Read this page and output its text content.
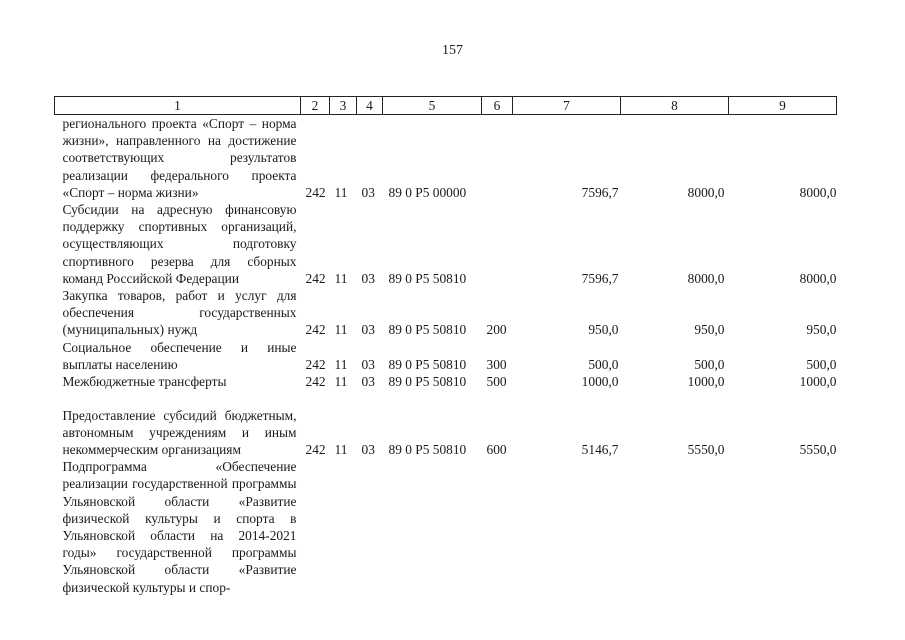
157
1	2	3	4	5	6	7	8	9
регионального проекта «Спорт – норма жизни», направленного на достижение соответствующих результатов реализации федерального проекта «Спорт – норма жизни»	242	11	03	89 0 P5 00000		7596,7	8000,0	8000,0
Субсидии на адресную финансовую поддержку спортивных организаций, осуществляющих подготовку спортивного резерва для сборных команд Российской Федерации	242	11	03	89 0 P5 50810		7596,7	8000,0	8000,0
Закупка товаров, работ и услуг для обеспечения государственных (муниципальных) нужд	242	11	03	89 0 P5 50810	200	950,0	950,0	950,0
Социальное обеспечение и иные выплаты населению	242	11	03	89 0 P5 50810	300	500,0	500,0	500,0
Межбюджетные трансферты	242	11	03	89 0 P5 50810	500	1000,0	1000,0	1000,0
Предоставление субсидий бюджетным, автономным учреждениям и иным некоммерческим организациям	242	11	03	89 0 P5 50810	600	5146,7	5550,0	5550,0
Подпрограмма «Обеспечение реализации государственной программы Ульяновской области «Развитие физической культуры и спорта в Ульяновской области на 2014-2021 годы» государственной программы Ульяновской области «Развитие физической культуры и спор-								
